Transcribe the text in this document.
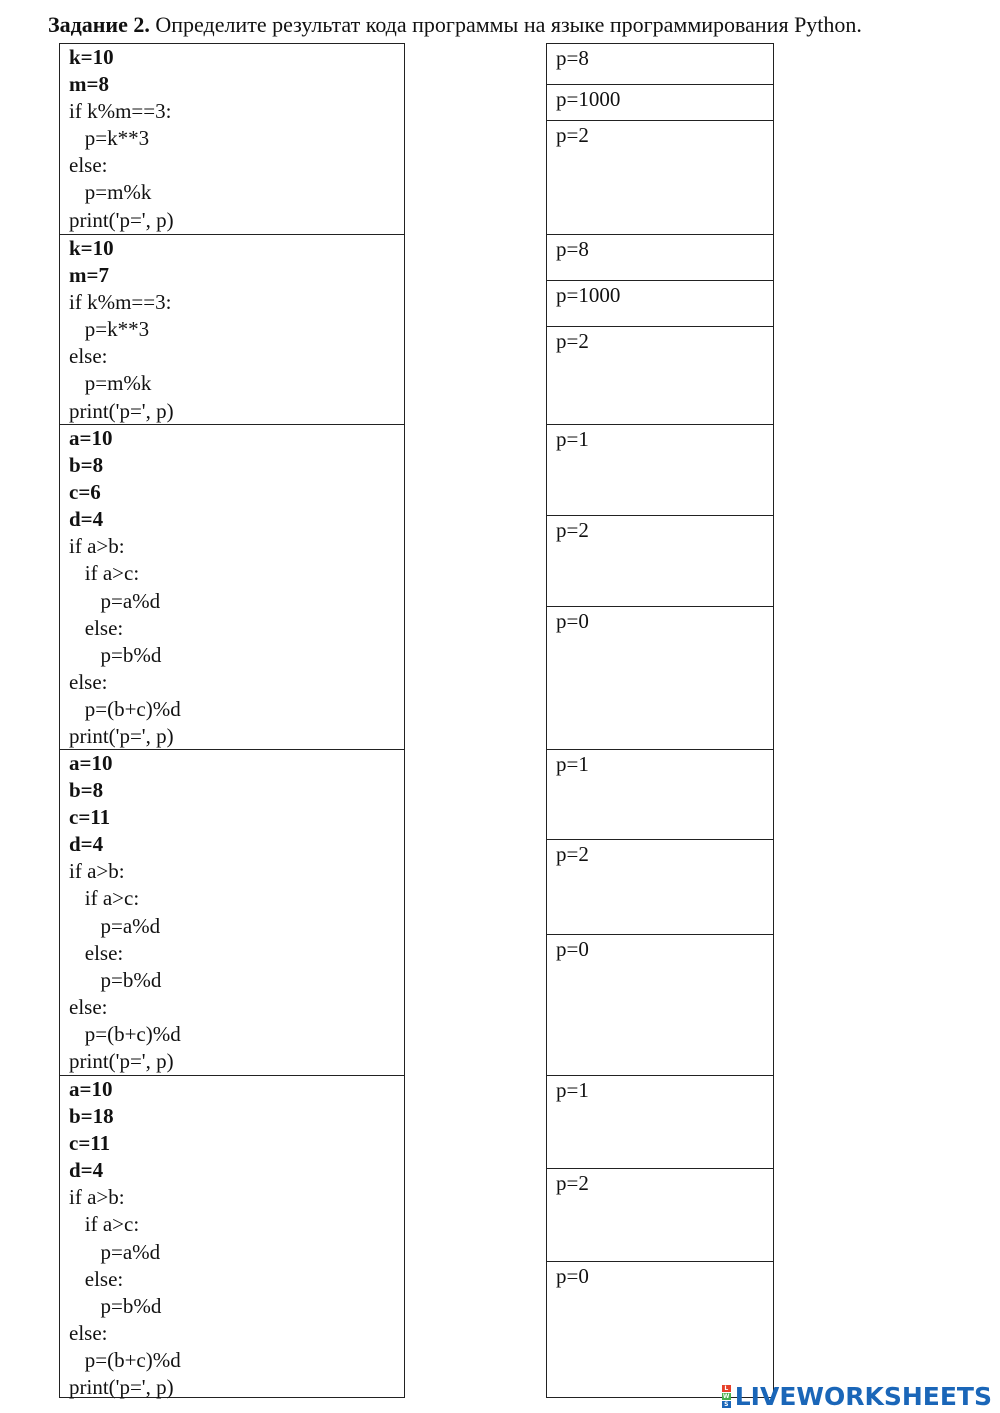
Задание 2. Определите результат кода программы на языке программирования Python.
k=10
m=8
if k%m==3:
p=k**3
else:
p=m%k
print('p=', p)
k=10
m=7
if k%m==3:
p=k**3
else:
p=m%k
print('p=', p)
a=10
b=8
c=6
d=4
if a>b:
if a>c:
p=a%d
else:
p=b%d
else:
p=(b+c)%d
print('p=', p)
a=10
b=8
c=11
d=4
if a>b:
if a>c:
p=a%d
else:
p=b%d
else:
p=(b+c)%d
print('p=', p)
a=10
b=18
c=11
d=4
if a>b:
if a>c:
p=a%d
else:
p=b%d
else:
p=(b+c)%d
print('p=', p)
p=8
p=1000
p=2
p=8
p=1000
p=2
p=1
p=2
p=0
p=1
p=2
p=0
p=1
p=2
p=0
L
W
S LIVEWORKSHEETS
